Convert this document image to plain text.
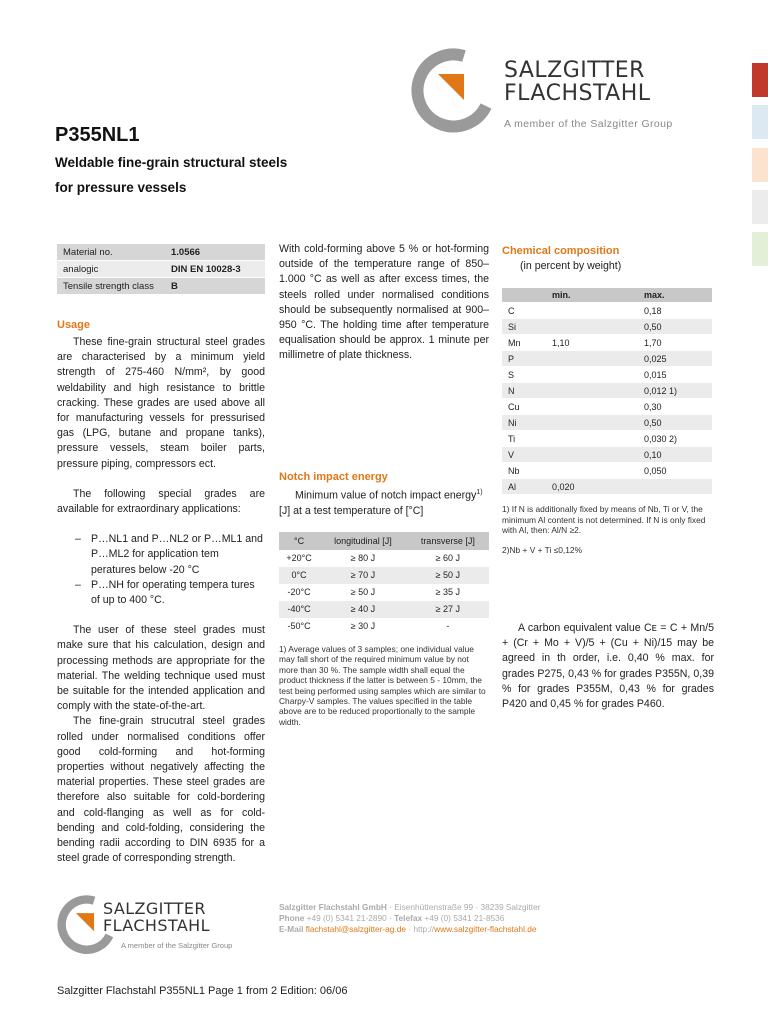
SALZGITTER
FLACHSTAHL
A member of the Salzgitter Group
P355NL1
Weldable fine-grain structural steels
for pressure vessels
Material no.	1.0566
analogic	DIN EN 10028-3
Tensile strength class	B
Usage

These fine-grain structural steel grades are characterised by a minimum yield strength of 275-460 N/mm², by good weldability and high resistance to brittle cracking. These grades are used above all for manufacturing vessels for pressurised gas (LPG, butane and propane tanks), pressure vessels, steam boiler parts, pressure piping, compressors ect.

The following special grades are available for extraordinary applications:

– P…NL1 and P…NL2 or P…ML1 and P…ML2 for application tem peratures below -20 °C
– P…NH for operating tempera tures of up to 400 °C.

The user of these steel grades must make sure that his calculation, design and processing methods are appropriate for the material. The welding technique used must be suitable for the intended application and comply with the state-of-the-art.

The fine-grain strucutral steel grades rolled under normalised conditions offer good cold-forming and hot-forming properties without negatively affecting the material properties. These steel grades are therefore also suitable for cold-bordering and cold-flanging as well as for cold-bending and cold-folding, considering the bending radii according to DIN 6935 for a steel grade of corresponding strength.

With cold-forming above 5 % or hot-forming outside of the temperature range of 850–1.000 °C as well as after excess times, the steels rolled under normalised conditions should be subsequently normalised at 900–950 °C. The holding time after temperature equalisation should be approx. 1 minute per millimetre of plate thickness.

Notch impact energy

Minimum value of notch impact energy$^{1)}$ [J] at a test temperature of [°C]

°C	longitudinal [J]	transverse [J]
+20°C	≥ 80 J	≥ 60 J
0°C	≥ 70 J	≥ 50 J
-20°C	≥ 50 J	≥ 35 J
-40°C	≥ 40 J	≥ 27 J
-50°C	≥ 30 J	-

1) Average values of 3 samples; one individual value may fall short of the required minimum value by not more than 30 %. The sample width shall equal the product thickness if the latter is between 5 - 10mm, the test being performed using samples which are similar to Charpy-V samples. The values specified in the table above are to be reduced proportionally to the sample width.

Chemical composition
(in percent by weight)
	min.	max.
C		0,18
Si		0,50
Mn	1,10	1,70
P		0,025
S		0,015
N		0,012 1)
Cu		0,30
Ni		0,50
Ti		0,030 2)
V		0,10
Nb		0,050
Al	0,020	

1) If N is additionally fixed by means of Nb, Ti or V, the minimum Al content is not determined. If N is only fixed with Al, then: Al/N ≥2.

2)Nb + V + Ti ≤0,12%

A carbon equivalent value Cᴇ = C + Mn/5 + (Cr + Mo + V)/5 + (Cu + Ni)/15 may be agreed in th order, i.e. 0,40 % max. for grades P275, 0,43 % for grades P355N, 0,39 % for grades P355M, 0,43 % for grades P420 and 0,45 % for grades P460.

SALZGITTER
FLACHSTAHL
A member of the Salzgitter Group
Salzgitter Flachstahl GmbH · Eisenhüttenstraße 99 · 38239 Salzgitter
Phone +49 (0) 5341 21-2890 · Telefax +49 (0) 5341 21-8536
E-Mail flachstahl@salzgitter-ag.de · http://www.salzgitter-flachstahl.de
Salzgitter Flachstahl P355NL1 Page 1 from 2 Edition: 06/06
